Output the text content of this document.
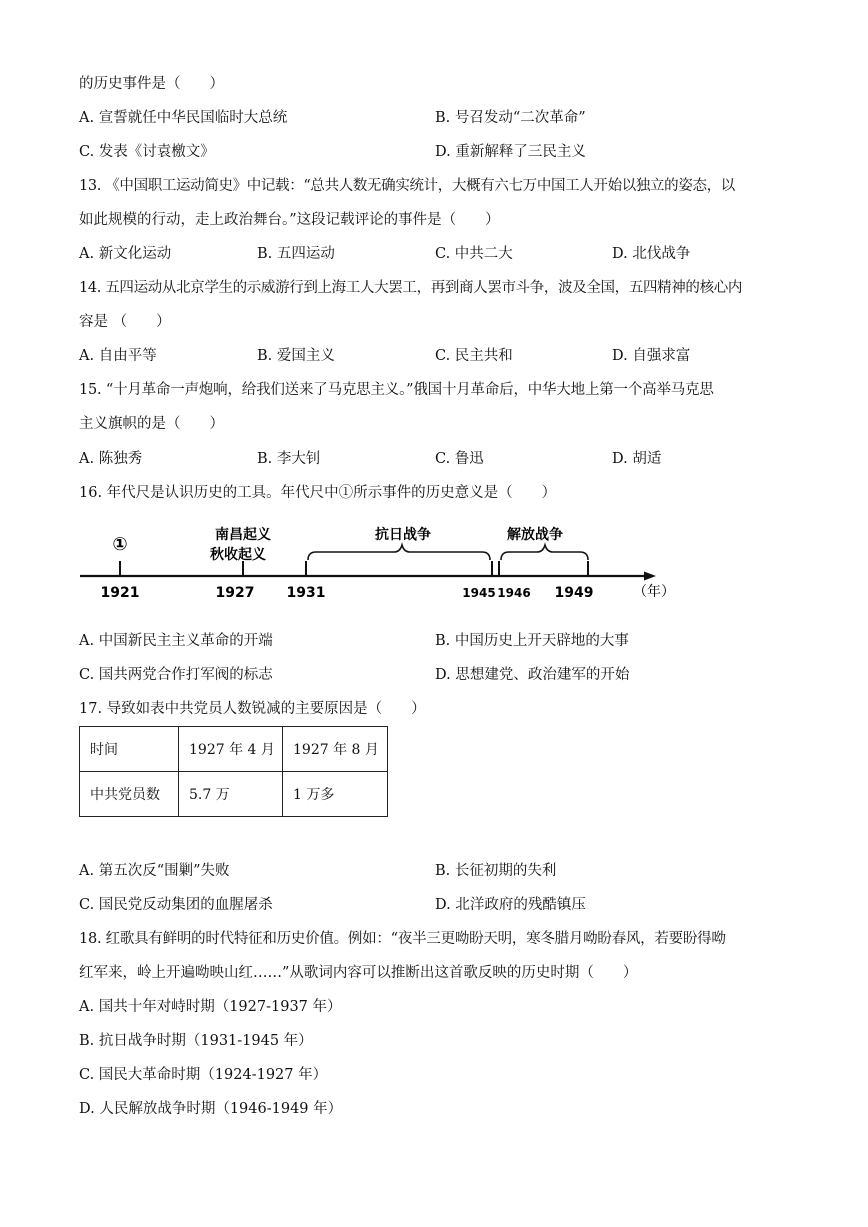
的历史事件是（　　）
A. 宣誓就任中华民国临时大总统	B. 号召发动“二次革命”
C. 发表《讨袁檄文》	D. 重新解释了三民主义
13. 《中国职工运动简史》中记载：“总共人数无确实统计，大概有六七万中国工人开始以独立的姿态，以
如此规模的行动，走上政治舞台。”这段记载评论的事件是（　　）
A. 新文化运动	B. 五四运动	C. 中共二大	D. 北伐战争
14. 五四运动从北京学生的示威游行到上海工人大罢工，再到商人罢市斗争，波及全国，五四精神的核心内
容是 （　　）
A. 自由平等	B. 爱国主义	C. 民主共和	D. 自强求富
15. “十月革命一声炮响，给我们送来了马克思主义。”俄国十月革命后，中华大地上第一个高举马克思
主义旗帜的是（　　）
A. 陈独秀	B. 李大钊	C. 鲁迅	D. 胡适
16. 年代尺是认识历史的工具。年代尺中①所示事件的历史意义是（　　）
①	南昌起义
秋收起义
抗日战争	解放战争
1921	1927 1931	1945 1946 1949	（年）
A. 中国新民主主义革命的开端	B. 中国历史上开天辟地的大事
C. 国共两党合作打军阀的标志	D. 思想建党、政治建军的开始
17. 导致如表中共党员人数锐减的主要原因是（　　）
时间	1927 年 4 月	1927 年 8 月
中共党员数	5.7 万	1 万多
A. 第五次反“围剿”失败	B. 长征初期的失利
C. 国民党反动集团的血腥屠杀	D. 北洋政府的残酷镇压
18. 红歌具有鲜明的时代特征和历史价值。例如：“夜半三更呦盼天明，寒冬腊月呦盼春风，若要盼得呦
红军来，岭上开遍呦映山红……”从歌词内容可以推断出这首歌反映的历史时期（　　）
A. 国共十年对峙时期（1927-1937 年）
B. 抗日战争时期（1931-1945 年）
C. 国民大革命时期（1924-1927 年）
D. 人民解放战争时期（1946-1949 年）
